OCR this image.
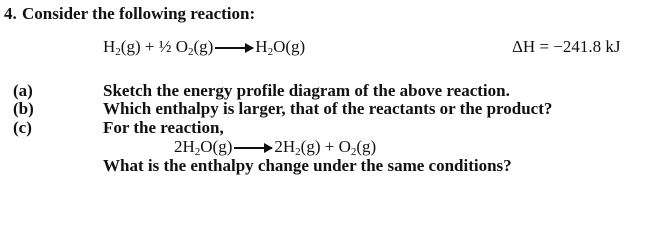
4. Consider the following reaction:
$H_2(g)$ + ½ $O_2(g) \to H_2O(g)$	ΔH = −241.8 kJ
(a)	Sketch the energy profile diagram of the above reaction.
(b)	Which enthalpy is larger, that of the reactants or the product?
(c)	For the reaction,
$2H_2O(g) 2H_2(g) + O_2(g)$
What is the enthalpy change under the same conditions?
